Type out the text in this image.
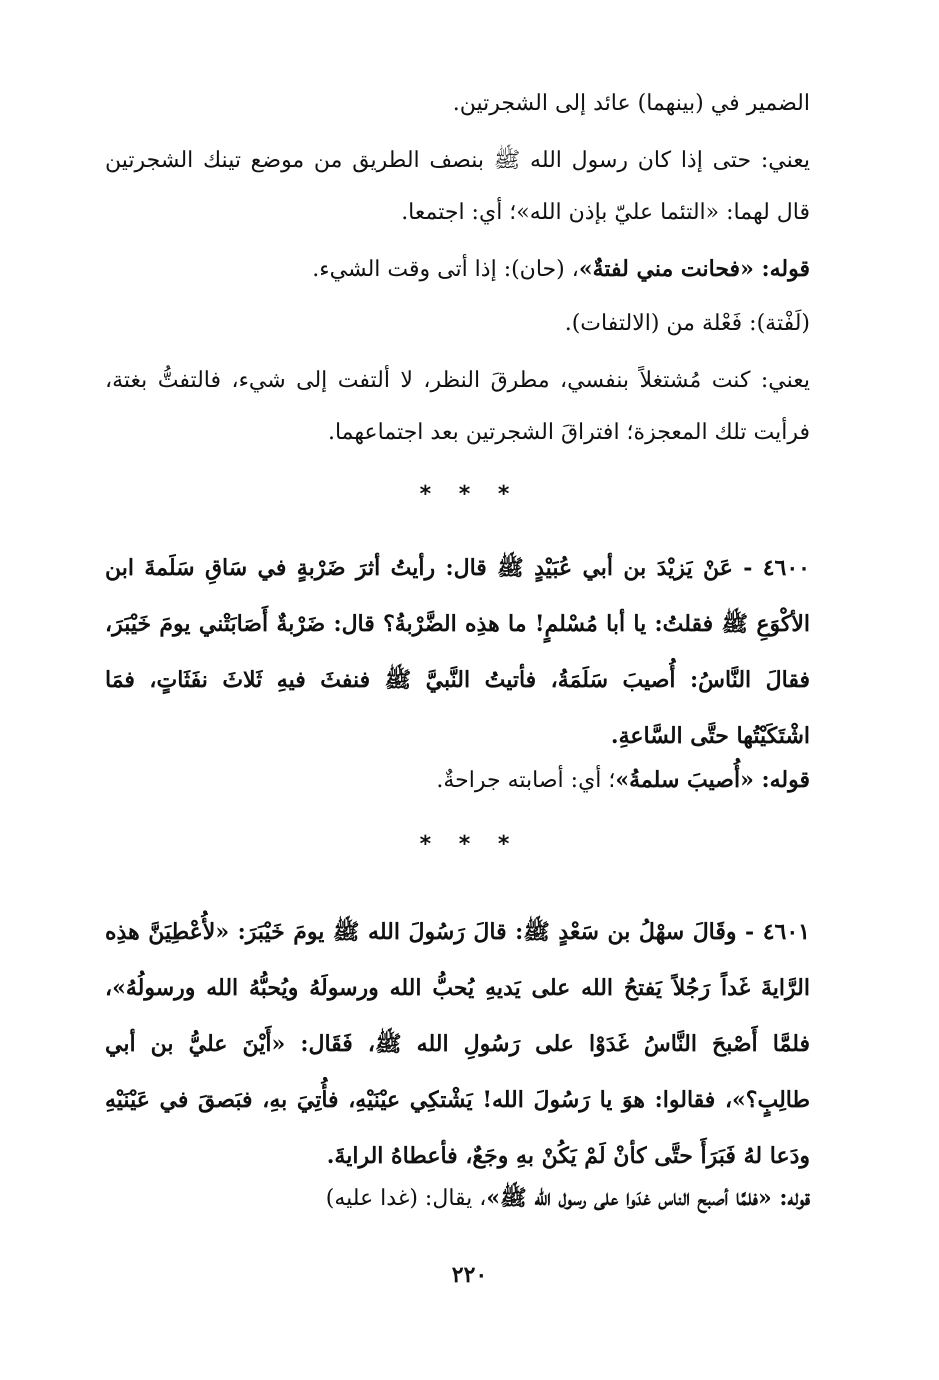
الضمير في (بينهما) عائد إلى الشجرتين.

يعني: حتى إذا كان رسول الله ﷺ بنصف الطريق من موضع تينك الشجرتين قال لهما: «التئما عليّ بإذن الله»؛ أي: اجتمعا.

قوله: «فحانت مني لفتةٌ»، (حان): إذا أتى وقت الشيء.

(لَفْتة): فَعْلة من (الالتفات).

يعني: كنت مُشتغلاً بنفسي، مطرقَ النظر، لا ألتفت إلى شيء، فالتفتُّ بغتة، فرأيت تلك المعجزة؛ افتراقَ الشجرتين بعد اجتماعهما.

* * *

٤٦٠٠ - عَنْ يَزيْدَ بن أبي عُبَيْدٍ ﷺ قال: رأيتُ أثرَ ضَرْبةٍ في سَاقِ سَلَمةَ ابن الأكْوَعِ ﷺ فقلتُ: يا أبا مُسْلمٍ! ما هذِه الضَّرْبةُ؟ قال: ضَرْبةٌ أَصَابَتْني يومَ خَيْبَرَ، فقالَ النَّاسُ: أُصيبَ سَلَمَةُ، فأتيتُ النَّبيَّ ﷺ فنفثَ فيهِ ثَلاثَ نفَثَاتٍ، فمَا اشْتَكَيْتُها حتَّى السَّاعةِ.

قوله: «أُصيبَ سلمةُ»؛ أي: أصابته جراحةٌ.

* * *

٤٦٠١ - وقَالَ سهْلُ بن سَعْدٍ ﷺ: قالَ رَسُولَ الله ﷺ يومَ خَيْبَرَ: «لأُعْطِيَنَّ هذِه الرَّايةَ غَداً رَجُلاً يَفتحُ الله على يَديهِ يُحبُّ الله ورسولَهُ ويُحبُّهُ الله ورسولُهُ»، فلمَّا أَصْبحَ النَّاسُ غَدَوْا على رَسُولِ الله ﷺ، فَقَال: «أَيْنَ عليُّ بن أبي طالِبٍ؟»، فقالوا: هوَ يا رَسُولَ الله! يَشْتكِي عيْنَيْهِ، فأُتِيَ بهِ، فبَصقَ في عَيْنَيْهِ ودَعا لهُ فَبَرَأَ حتَّى كأنْ لَمْ يَكُنْ بهِ وجَعٌ، فأعطاهُ الرايةَ.

قوله: «فلمَّا أصبح الناس غدَوا على رسول الله ﷺ»، يقال: (غدا عليه)

٢٢٠
